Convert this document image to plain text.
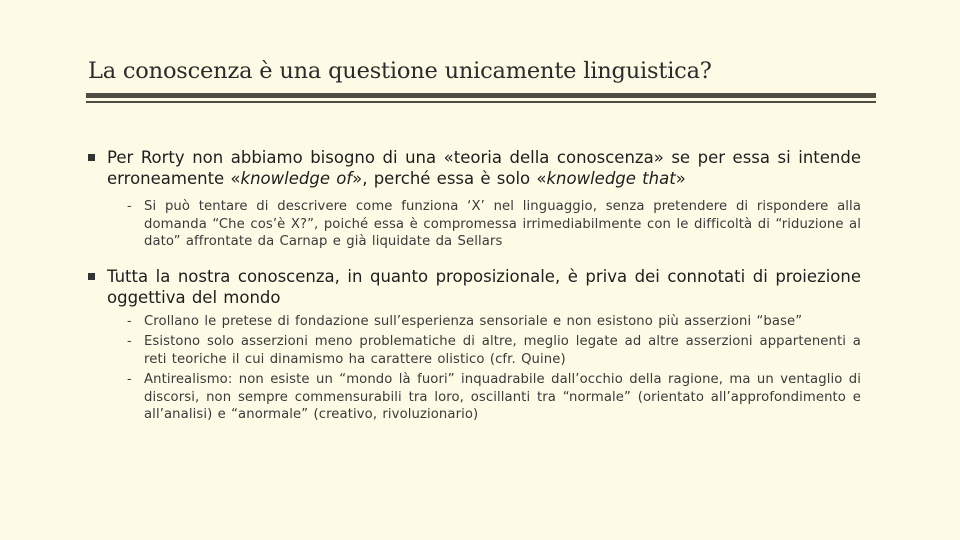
La conoscenza è una questione unicamente linguistica?
Per Rorty non abbiamo bisogno di una «teoria della conoscenza» se per essa si intende erroneamente «knowledge of», perché essa è solo «knowledge that»
- Si può tentare di descrivere come funziona ‘X’ nel linguaggio, senza pretendere di rispondere alla domanda “Che cos’è X?”, poiché essa è compromessa irrimediabilmente con le difficoltà di “riduzione al dato” affrontate da Carnap e già liquidate da Sellars
Tutta la nostra conoscenza, in quanto proposizionale, è priva dei connotati di proiezione oggettiva del mondo
- Crollano le pretese di fondazione sull’esperienza sensoriale e non esistono più asserzioni “base”
- Esistono solo asserzioni meno problematiche di altre, meglio legate ad altre asserzioni appartenenti a reti teoriche il cui dinamismo ha carattere olistico (cfr. Quine)
- Antirealismo: non esiste un “mondo là fuori” inquadrabile dall’occhio della ragione, ma un ventaglio di discorsi, non sempre commensurabili tra loro, oscillanti tra “normale” (orientato all’approfondimento e all’analisi) e “anormale” (creativo, rivoluzionario)
